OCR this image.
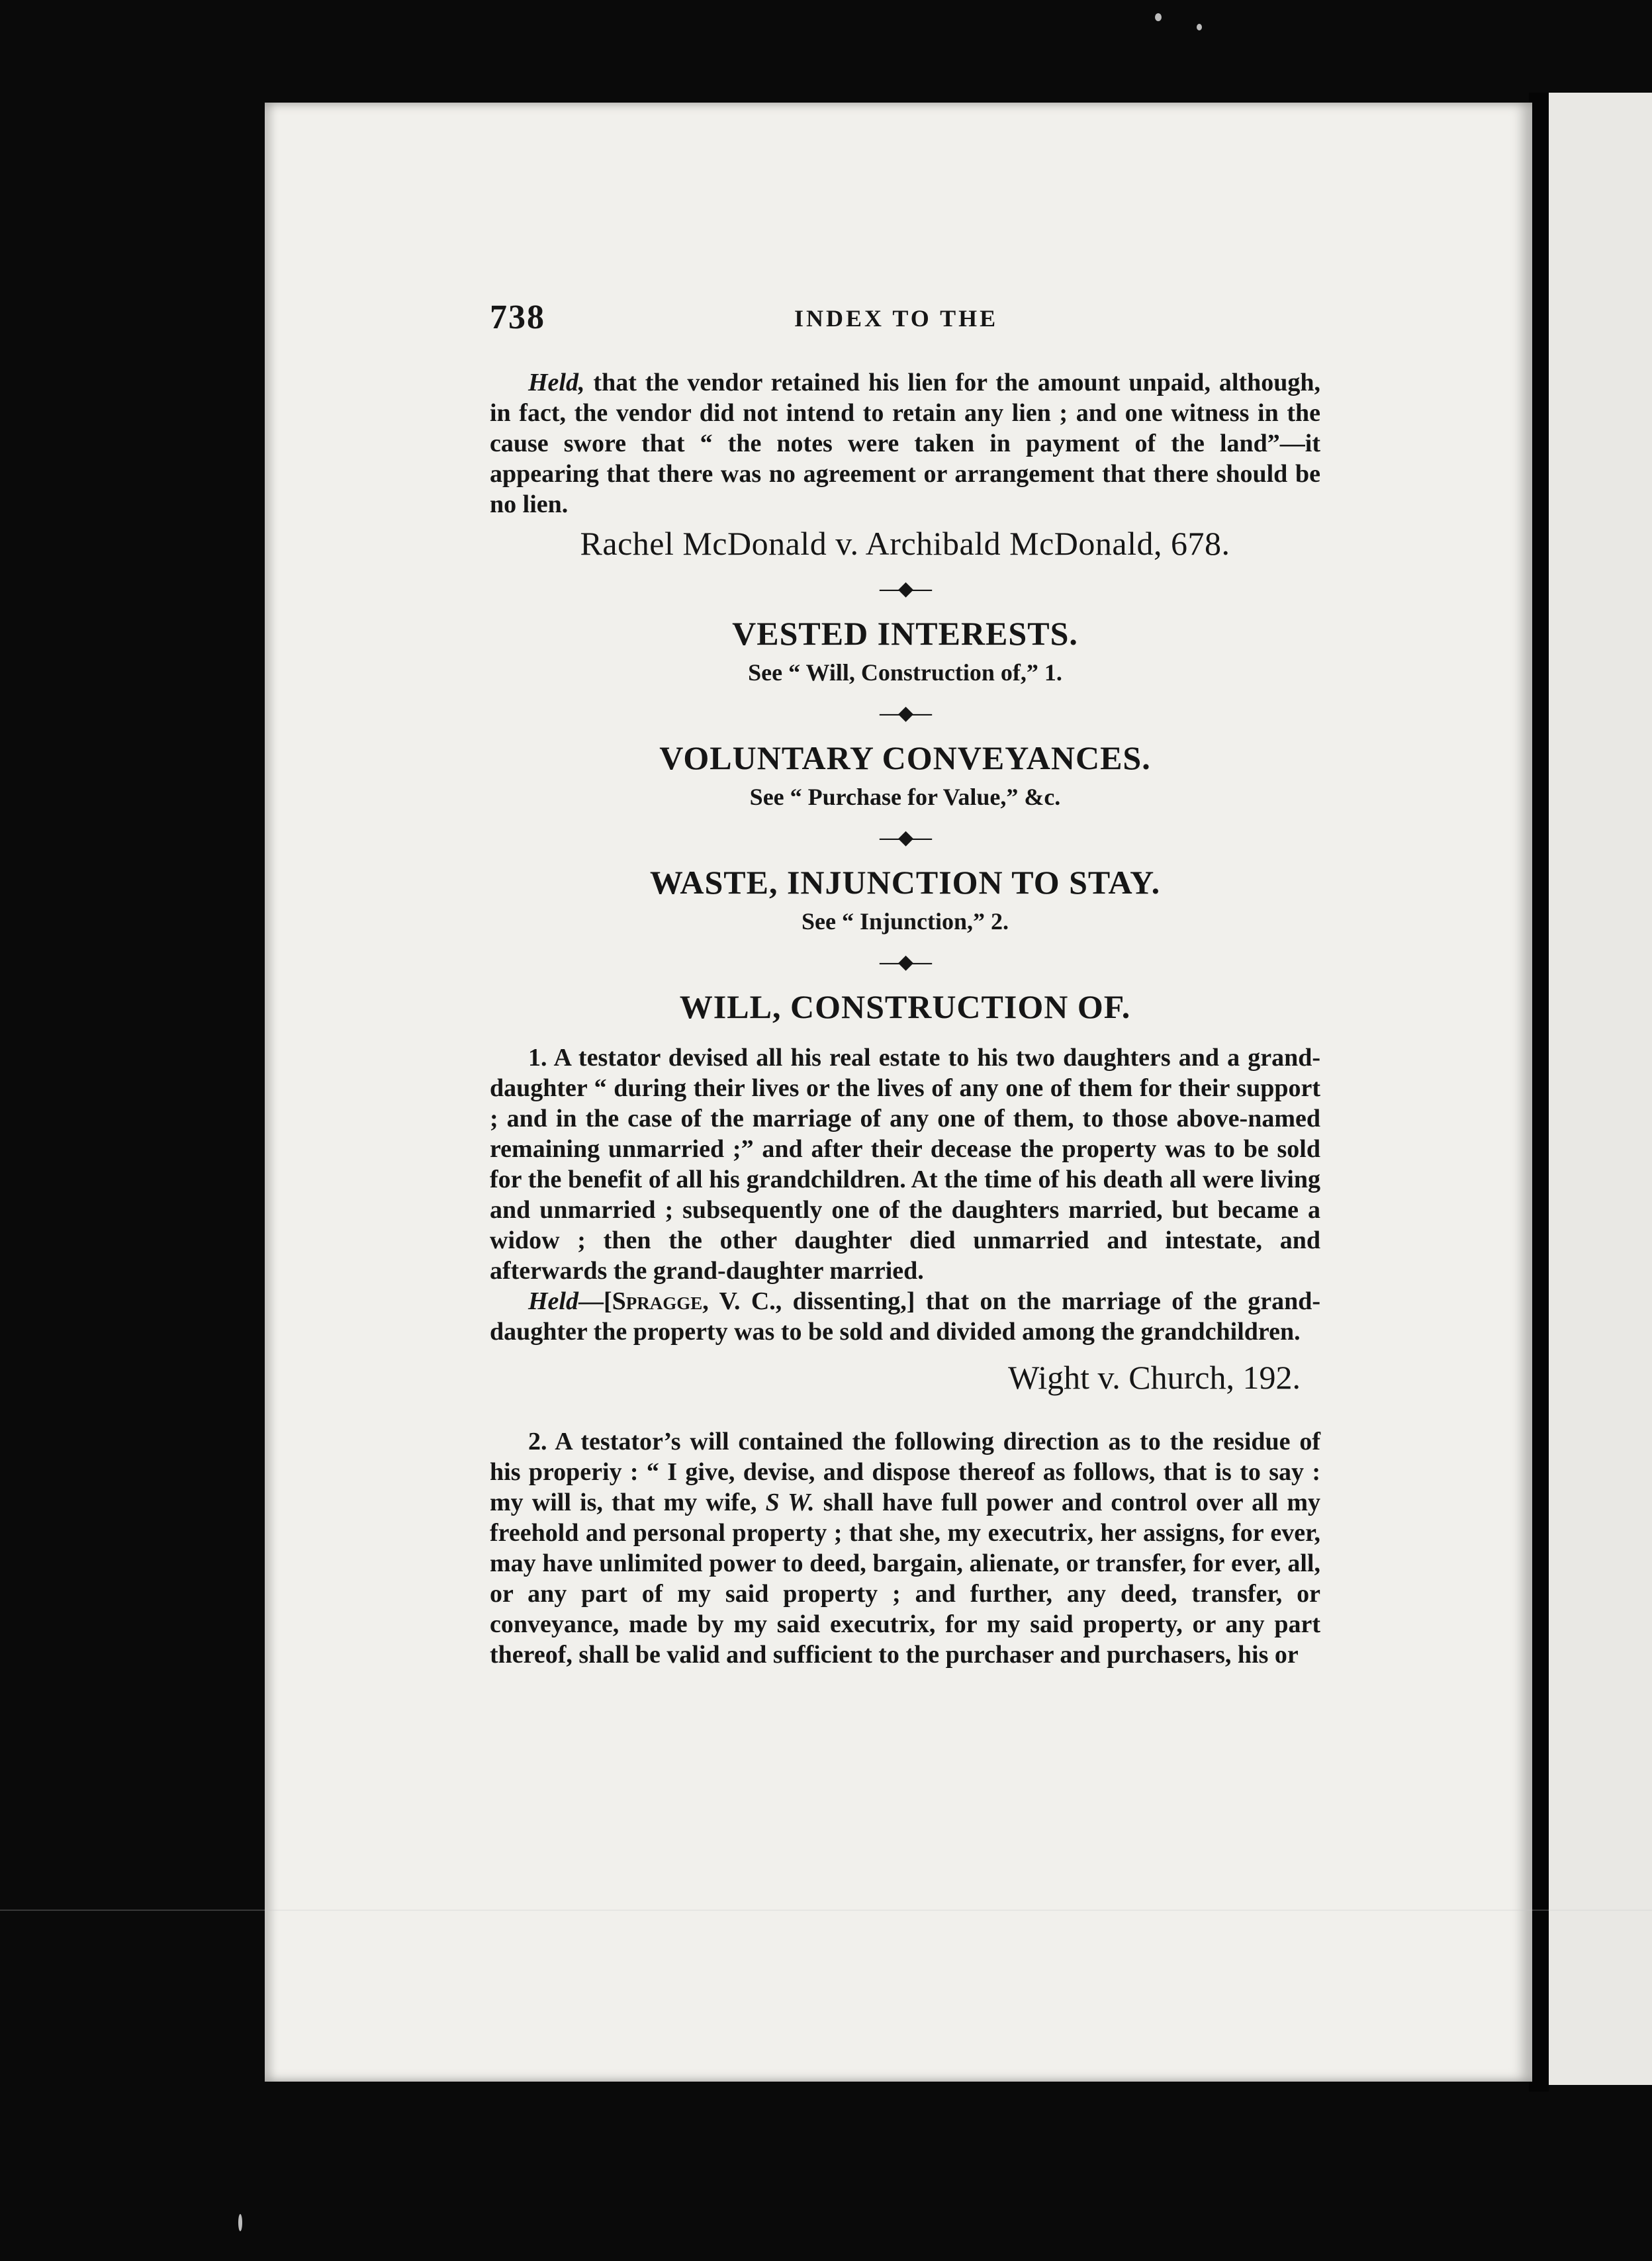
738	INDEX TO THE

Held, that the vendor retained his lien for the amount unpaid, although, in fact, the vendor did not intend to retain any lien ; and one witness in the cause swore that “ the notes were taken in payment of the land”—it appearing that there was no agreement or arrangement that there should be no lien.

Rachel McDonald v. Archibald McDonald, 678.

—◆—
VESTED INTERESTS.

See “ Will, Construction of,” 1.

—◆—
VOLUNTARY CONVEYANCES.

See “ Purchase for Value,” &c.

—◆—
WASTE, INJUNCTION TO STAY.

See “ Injunction,” 2.

—◆—
WILL, CONSTRUCTION OF.

1. A testator devised all his real estate to his two daughters and a grand-daughter “ during their lives or the lives of any one of them for their support ; and in the case of the marriage of any one of them, to those above-named remaining unmarried ;” and after their decease the property was to be sold for the benefit of all his grandchildren. At the time of his death all were living and unmarried ; subsequently one of the daughters married, but became a widow ; then the other daughter died unmarried and intestate, and afterwards the grand-daughter married.

Held—[Spragge, V. C., dissenting,] that on the marriage of the grand-daughter the property was to be sold and divided among the grandchildren.

Wight v. Church, 192.

2. A testator’s will contained the following direction as to the residue of his properiy : “ I give, devise, and dispose thereof as follows, that is to say : my will is, that my wife, S W. shall have full power and control over all my freehold and personal property ; that she, my executrix, her assigns, for ever, may have unlimited power to deed, bargain, alienate, or transfer, for ever, all, or any part of my said property ; and further, any deed, transfer, or conveyance, made by my said executrix, for my said property, or any part thereof, shall be valid and sufficient to the purchaser and purchasers, his or
